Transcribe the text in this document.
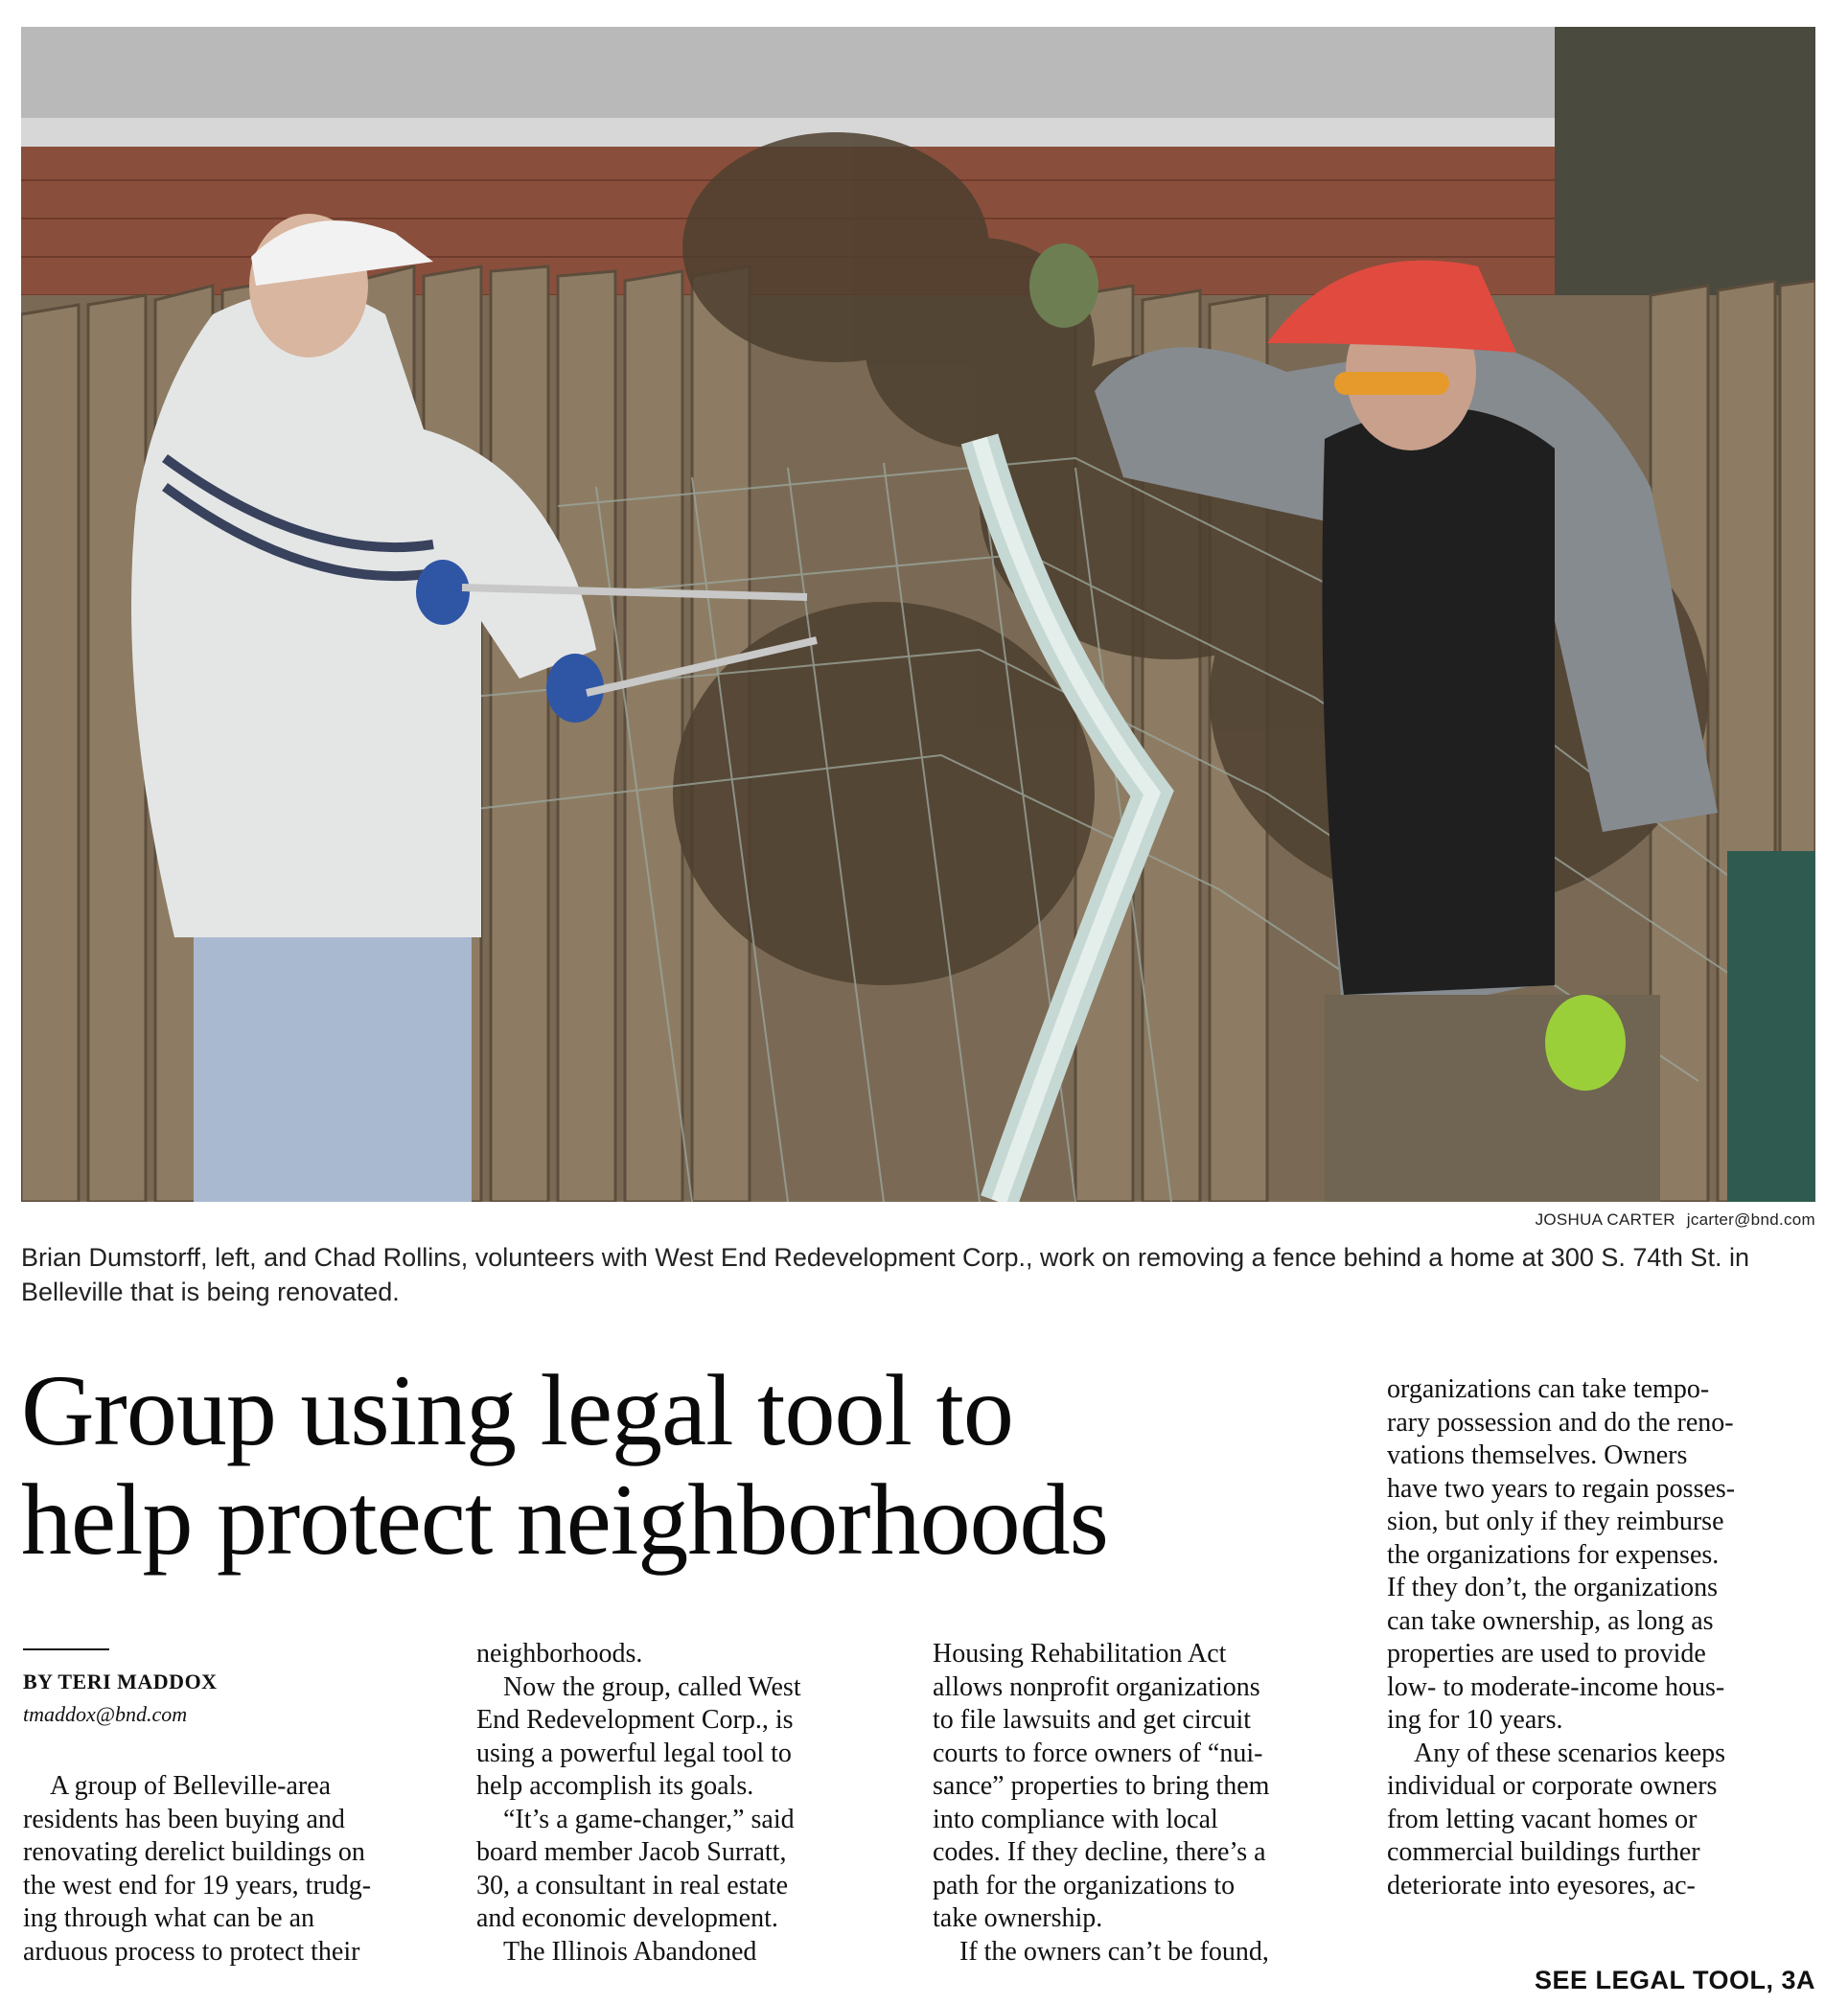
JOSHUA CARTER jcarter@bnd.com
Brian Dumstorff, left, and Chad Rollins, volunteers with West End Redevelopment Corp., work on removing a fence behind a home at 300 S. 74th St. in Belleville that is being renovated.
Group using legal tool to
help protect neighborhoods
BY TERI MADDOX
tmaddox@bnd.com

A group of Belleville-area

residents has been buying and

renovating derelict buildings on

the west end for 19 years, trudg-

ing through what can be an

arduous process to protect their

neighborhoods.

Now the group, called West

End Redevelopment Corp., is

using a powerful legal tool to

help accomplish its goals.

“It’s a game-changer,” said

board member Jacob Surratt,

30, a consultant in real estate

and economic development.

The Illinois Abandoned

Housing Rehabilitation Act

allows nonprofit organizations

to file lawsuits and get circuit

courts to force owners of “nui-

sance” properties to bring them

into compliance with local

codes. If they decline, there’s a

path for the organizations to

take ownership.

If the owners can’t be found,

organizations can take tempo-

rary possession and do the reno-

vations themselves. Owners

have two years to regain posses-

sion, but only if they reimburse

the organizations for expenses.

If they don’t, the organizations

can take ownership, as long as

properties are used to provide

low- to moderate-income hous-

ing for 10 years.

Any of these scenarios keeps

individual or corporate owners

from letting vacant homes or

commercial buildings further

deteriorate into eyesores, ac-

SEE LEGAL TOOL, 3A
